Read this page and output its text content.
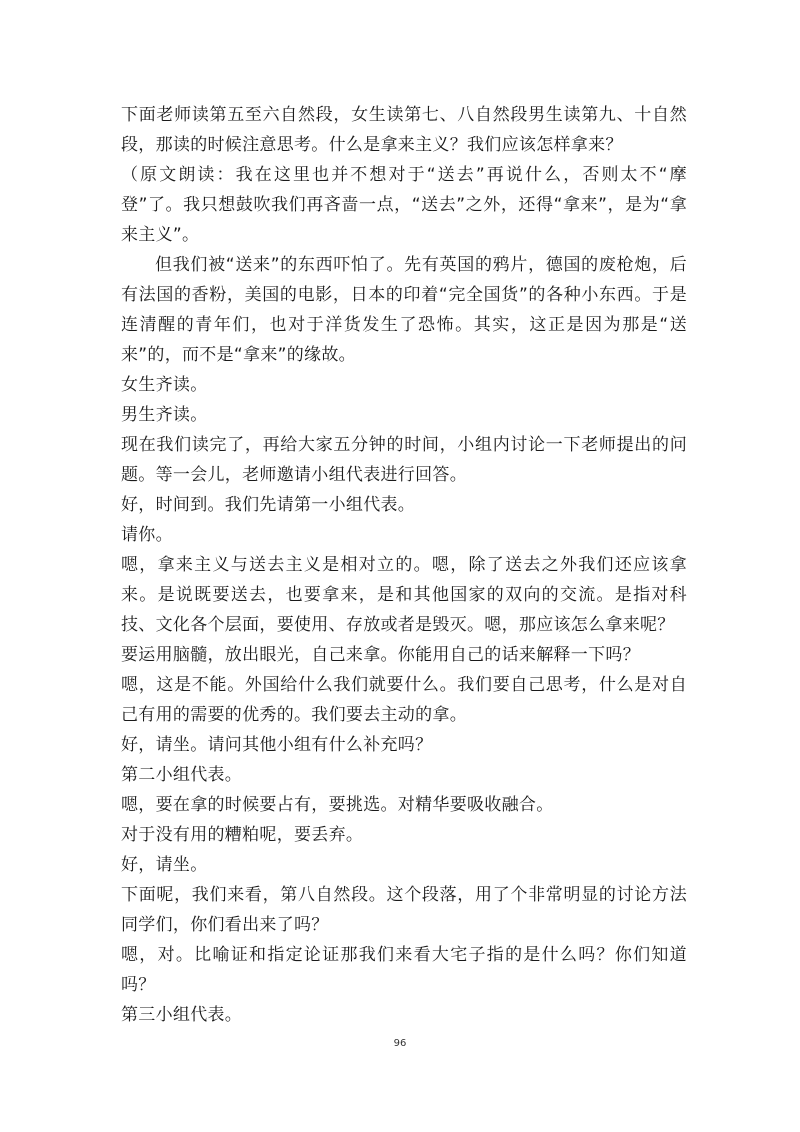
下面老师读第五至六自然段，女生读第七、八自然段男生读第九、十自然段，那读的时候注意思考。什么是拿来主义？我们应该怎样拿来？

（原文朗读：我在这里也并不想对于“送去”再说什么，否则太不“摩登”了。我只想鼓吹我们再吝啬一点，“送去”之外，还得“拿来”，是为“拿来主义”。

但我们被“送来”的东西吓怕了。先有英国的鸦片，德国的废枪炮，后有法国的香粉，美国的电影，日本的印着“完全国货”的各种小东西。于是连清醒的青年们，也对于洋货发生了恐怖。其实，这正是因为那是“送来”的，而不是“拿来”的缘故。

女生齐读。

男生齐读。

现在我们读完了，再给大家五分钟的时间，小组内讨论一下老师提出的问题。等一会儿，老师邀请小组代表进行回答。

好，时间到。我们先请第一小组代表。

请你。

嗯，拿来主义与送去主义是相对立的。嗯，除了送去之外我们还应该拿来。是说既要送去，也要拿来，是和其他国家的双向的交流。是指对科技、文化各个层面，要使用、存放或者是毁灭。嗯，那应该怎么拿来呢？

要运用脑髓，放出眼光，自己来拿。你能用自己的话来解释一下吗？

嗯，这是不能。外国给什么我们就要什么。我们要自己思考，什么是对自己有用的需要的优秀的。我们要去主动的拿。

好，请坐。请问其他小组有什么补充吗？

第二小组代表。

嗯，要在拿的时候要占有，要挑选。对精华要吸收融合。

对于没有用的糟粕呢，要丢弃。

好，请坐。

下面呢，我们来看，第八自然段。这个段落，用了个非常明显的讨论方法同学们，你们看出来了吗？

嗯，对。比喻证和指定论证那我们来看大宅子指的是什么吗？你们知道吗？

第三小组代表。

96
